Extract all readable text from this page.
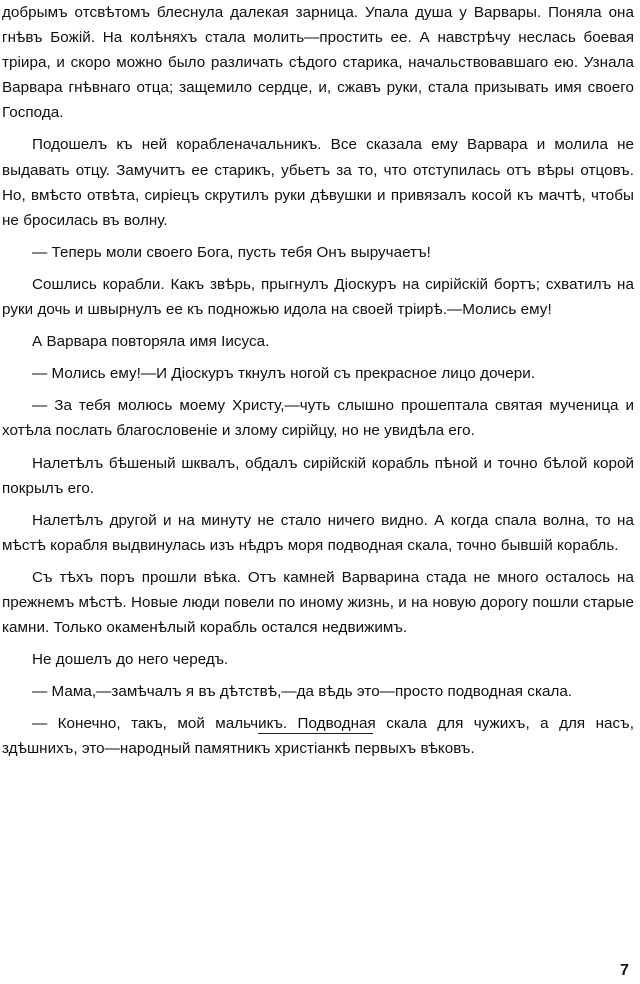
добрымъ отсвѣтомъ блеснула далекая зарница. Упала душа у Варвары. Поняла она гнѣвъ Божій. На колѣняхъ стала молить—простить ее. А навстрѣчу неслась боевая тріира, и скоро можно было различать сѣдого старика, начальствовавшаго ею. Узнала Варвара гнѣвнаго отца; защемило сердце, и, сжавъ руки, стала призывать имя своего Господа.

Подошелъ къ ней корабленачальникъ. Все сказала ему Варвара и молила не выдавать отцу. Замучитъ ее старикъ, убьетъ за то, что отступилась отъ вѣры отцовъ. Но, вмѣсто отвѣта, сиріецъ скрутилъ руки дѣвушки и привязалъ косой къ мачтѣ, чтобы не бросилась въ волну.

— Теперь моли своего Бога, пусть тебя Онъ выручаетъ!

Сошлись корабли. Какъ звѣрь, прыгнулъ Діоскуръ на сирійскій бортъ; схватилъ на руки дочь и швырнулъ ее къ подножью идола на своей тріирѣ.—Молись ему!

А Варвара повторяла имя Іисуса.

— Молись ему!—И Діоскуръ ткнулъ ногой съ прекрасное лицо дочери.

— За тебя молюсь моему Христу,—чуть слышно прошептала святая мученица и хотѣла послать благословеніе и злому сирійцу, но не увидѣла его.

Налетѣлъ бѣшеный шквалъ, обдалъ сирійскій корабль пѣной и точно бѣлой корой покрылъ его.

Налетѣлъ другой и на минуту не стало ничего видно. А когда спала волна, то на мѣстѣ корабля выдвинулась изъ нѣдръ моря подводная скала, точно бывшій корабль.

Съ тѣхъ поръ прошли вѣка. Отъ камней Варварина стада не много осталось на прежнемъ мѣстѣ. Новые люди повели по иному жизнь, и на новую дорогу пошли старые камни. Только окаменѣлый корабль остался недвижимъ.

Не дошелъ до него чередъ.

— Мама,—замѣчалъ я въ дѣтствѣ,—да вѣдь это—просто подводная скала.

— Конечно, такъ, мой мальчикъ. Подводная скала для чужихъ, а для насъ, здѣшнихъ, это—народный памятникъ христіанкѣ первыхъ вѣковъ.

7
